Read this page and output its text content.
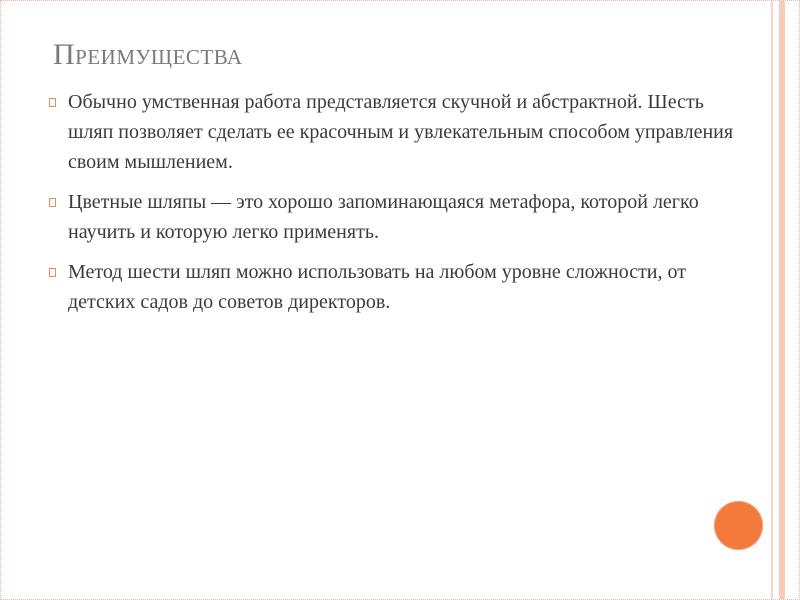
Преимущества
Обычно умственная работа представляется скучной и абстрактной. Шесть шляп позволяет сделать ее красочным и увлекательным способом управления своим мышлением.
Цветные шляпы — это хорошо запоминающаяся метафора, которой легко научить и которую легко применять.
Метод шести шляп можно использовать на любом уровне сложности, от детских садов до советов директоров.
